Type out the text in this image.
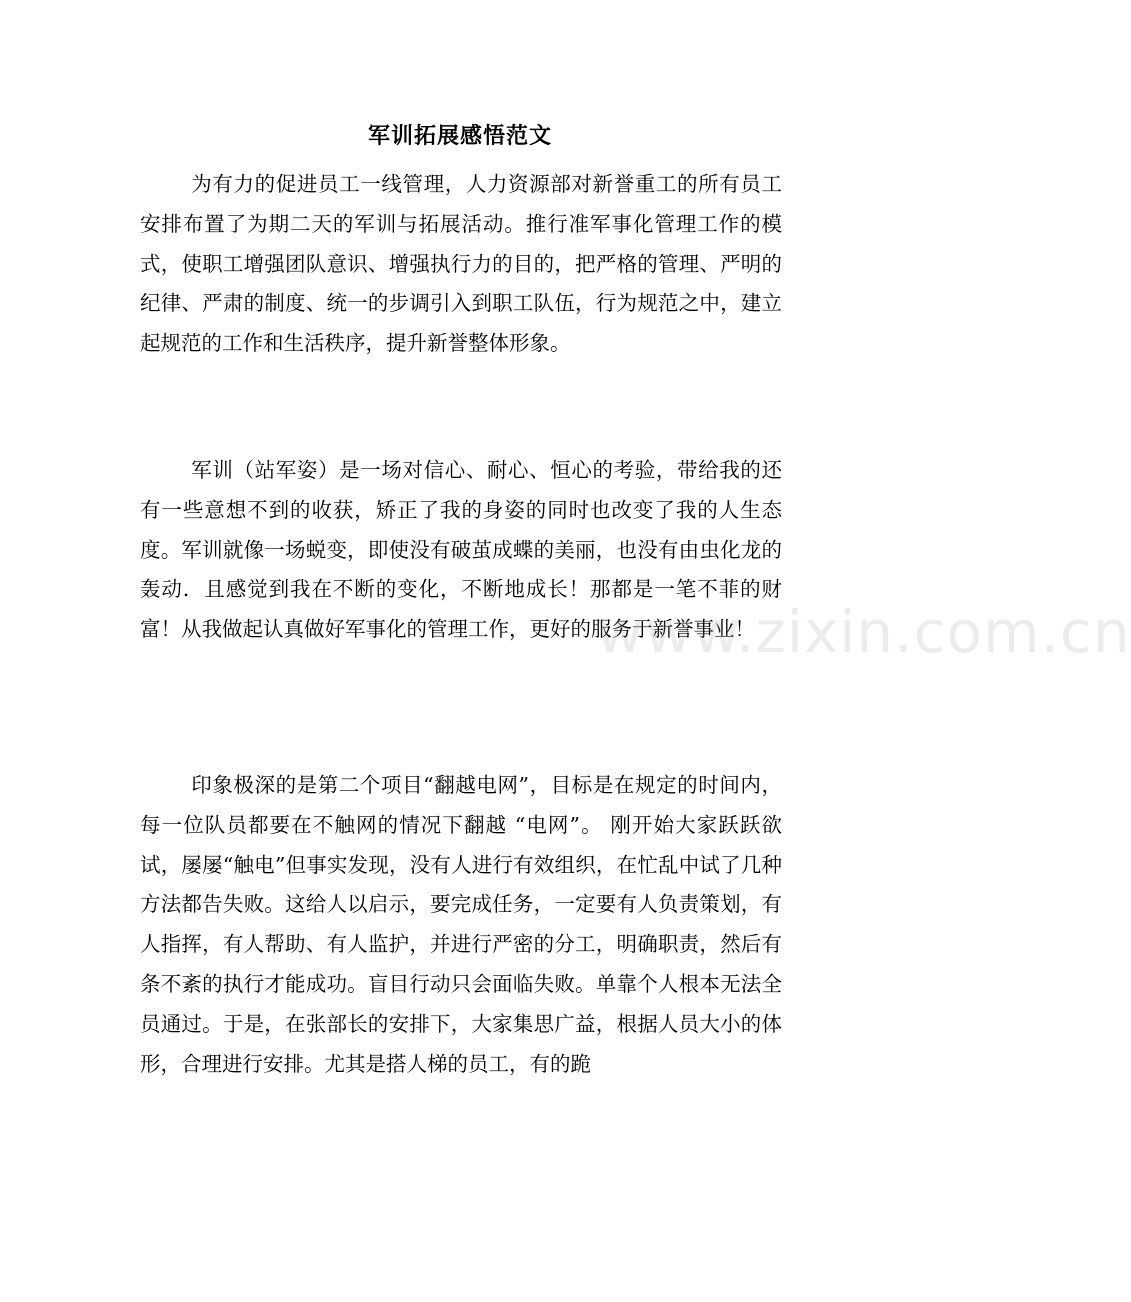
军训拓展感悟范文

为有力的促进员工一线管理，人力资源部对新誉重工的所有员工安排布置了为期二天的军训与拓展活动。推行准军事化管理工作的模式，使职工增强团队意识、增强执行力的目的，把严格的管理、严明的纪律、严肃的制度、统一的步调引入到职工队伍，行为规范之中，建立起规范的工作和生活秩序，提升新誉整体形象。

军训（站军姿）是一场对信心、耐心、恒心的考验，带给我的还有一些意想不到的收获，矫正了我的身姿的同时也改变了我的人生态度。军训就像一场蜕变，即使没有破茧成蝶的美丽，也没有由虫化龙的轰动．且感觉到我在不断的变化，不断地成长！那都是一笔不菲的财富！从我做起认真做好军事化的管理工作，更好的服务于新誉事业！

印象极深的是第二个项目“翻越电网”，目标是在规定的时间内，每一位队员都要在不触网的情况下翻越 “电网”。 刚开始大家跃跃欲试，屡屡“触电”但事实发现，没有人进行有效组织，在忙乱中试了几种方法都告失败。这给人以启示，要完成任务，一定要有人负责策划，有人指挥，有人帮助、有人监护，并进行严密的分工，明确职责，然后有条不紊的执行才能成功。盲目行动只会面临失败。单靠个人根本无法全员通过。于是，在张部长的安排下，大家集思广益，根据人员大小的体形，合理进行安排。尤其是搭人梯的员工，有的跪

www.zixin.com.cn
